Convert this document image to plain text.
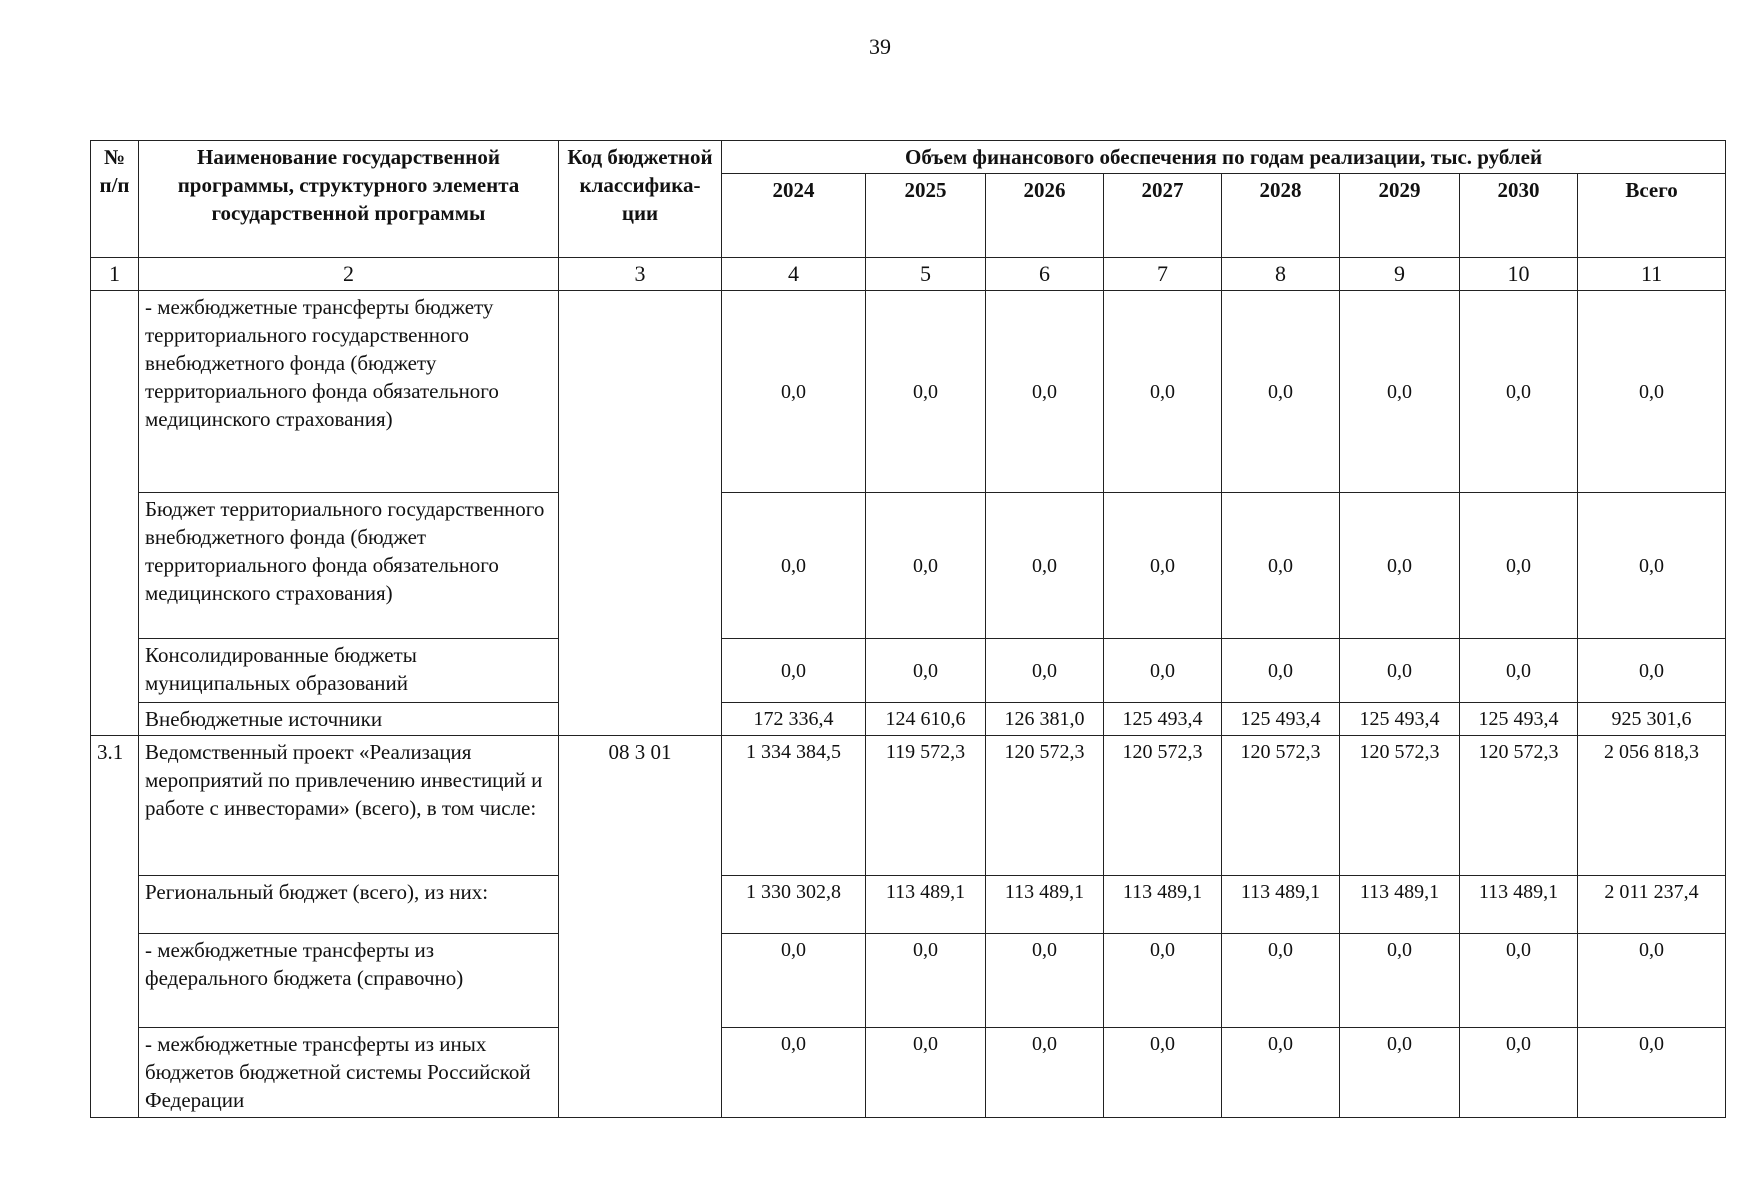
39
№ п/п	Наименование государственной программы, структурного элемента государственной программы	Код бюджетной классифика-ции	Объем финансового обеспечения по годам реализации, тыс. рублей							
			2024	2025	2026	2027	2028	2029	2030	Всего
1	2	3	4	5	6	7	8	9	10	11
	- межбюджетные трансферты бюджету территориального государственного внебюджетного фонда (бюджету территориального фонда обязательного медицинского страхования)		0,0	0,0	0,0	0,0	0,0	0,0	0,0	0,0
	Бюджет территориального государственного внебюджетного фонда (бюджет территориального фонда обязательного медицинского страхования)		0,0	0,0	0,0	0,0	0,0	0,0	0,0	0,0
	Консолидированные бюджеты муниципальных образований		0,0	0,0	0,0	0,0	0,0	0,0	0,0	0,0
	Внебюджетные источники		172 336,4	124 610,6	126 381,0	125 493,4	125 493,4	125 493,4	125 493,4	925 301,6
3.1	Ведомственный проект «Реализация мероприятий по привлечению инвестиций и работе с инвесторами» (всего), в том числе:	08 3 01	1 334 384,5	119 572,3	120 572,3	120 572,3	120 572,3	120 572,3	120 572,3	2 056 818,3
	Региональный бюджет (всего), из них:		1 330 302,8	113 489,1	113 489,1	113 489,1	113 489,1	113 489,1	113 489,1	2 011 237,4
	- межбюджетные трансферты из федерального бюджета (справочно)		0,0	0,0	0,0	0,0	0,0	0,0	0,0	0,0
	- межбюджетные трансферты из иных бюджетов бюджетной системы Российской Федерации		0,0	0,0	0,0	0,0	0,0	0,0	0,0	0,0
